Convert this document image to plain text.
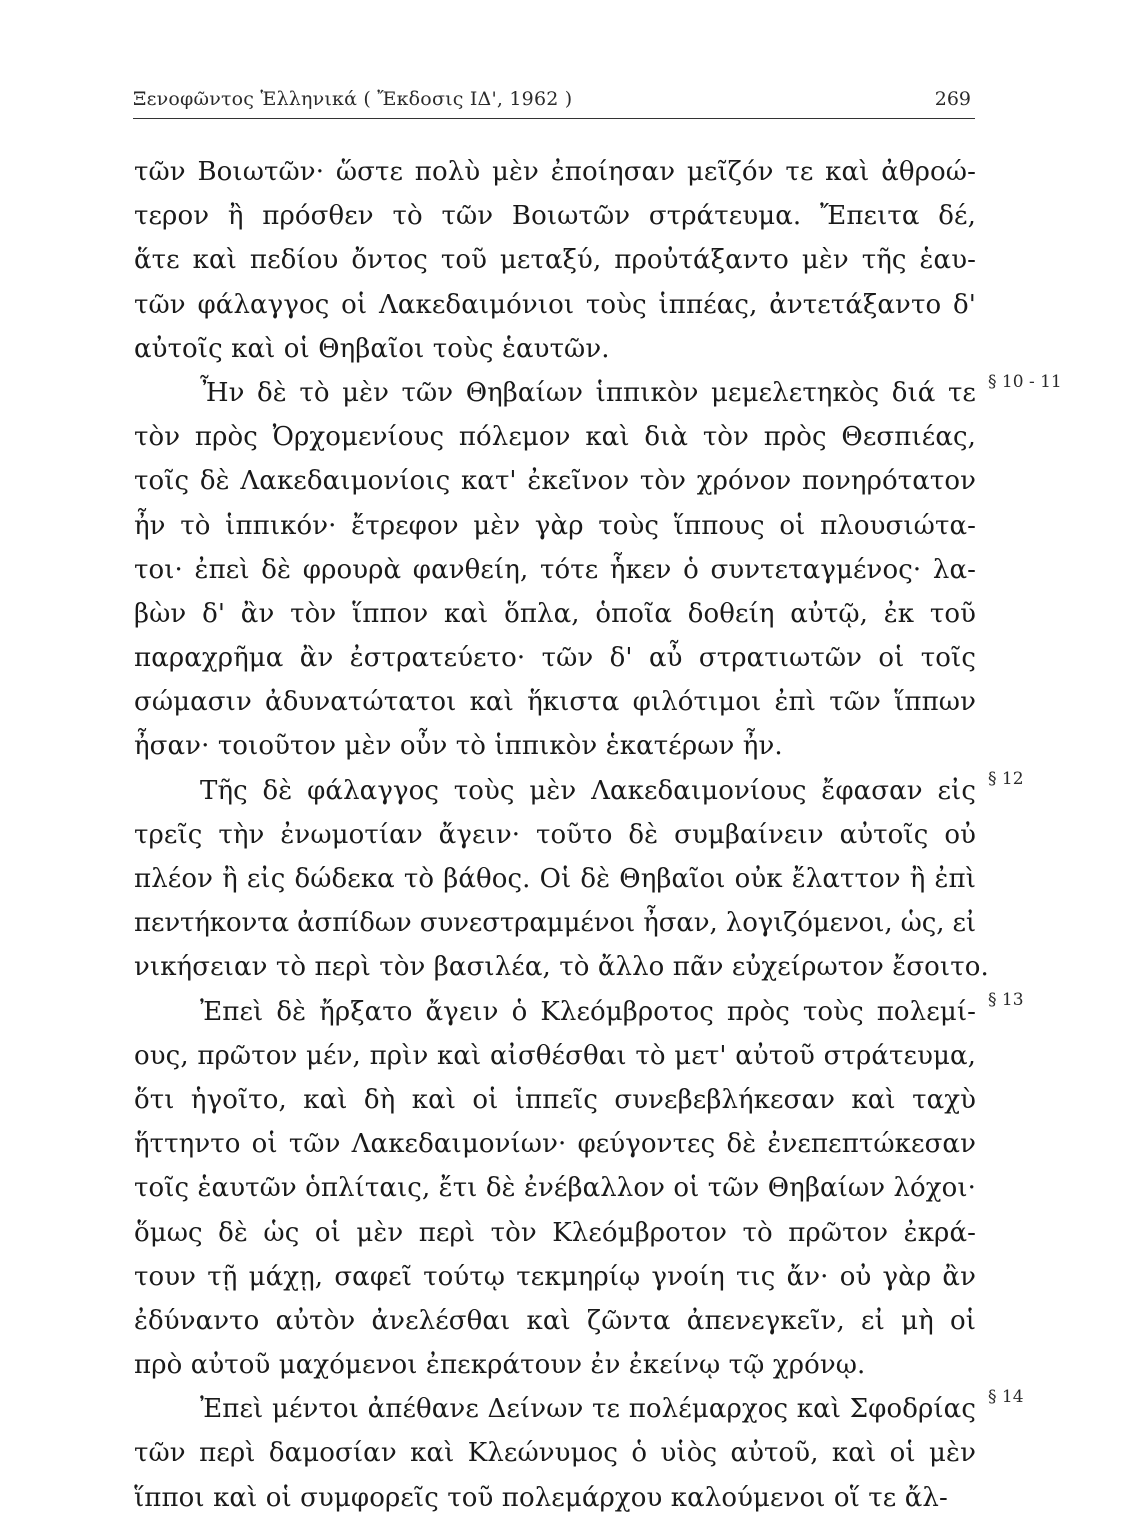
Ξενοφῶντος Ἑλληνικά ( Ἔκδοσις ΙΔ', 1962 )	269
τῶν Βοιωτῶν· ὥστε πολὺ μὲν ἐποίησαν μεῖζόν τε καὶ ἀθροώ-
τερον ἢ πρόσθεν τὸ τῶν Βοιωτῶν στράτευμα. Ἔπειτα δέ,
ἅτε καὶ πεδίου ὄντος τοῦ μεταξύ, προὐτάξαντο μὲν τῆς ἑαυ-
τῶν φάλαγγος οἱ Λακεδαιμόνιοι τοὺς ἱππέας, ἀντετάξαντο δ'
αὐτοῖς καὶ οἱ Θηβαῖοι τοὺς ἑαυτῶν.
Ἦν δὲ τὸ μὲν τῶν Θηβαίων ἱππικὸν μεμελετηκὸς διά τε
τὸν πρὸς Ὀρχομενίους πόλεμον καὶ διὰ τὸν πρὸς Θεσπιέας,
τοῖς δὲ Λακεδαιμονίοις κατ' ἐκεῖνον τὸν χρόνον πονηρότατον
ἦν τὸ ἱππικόν· ἔτρεφον μὲν γὰρ τοὺς ἵππους οἱ πλουσιώτα-
τοι· ἐπεὶ δὲ φρουρὰ φανθείη, τότε ἧκεν ὁ συντεταγμένος· λα-
βὼν δ' ἂν τὸν ἵππον καὶ ὅπλα, ὁποῖα δοθείη αὐτῷ, ἐκ τοῦ
παραχρῆμα ἂν ἐστρατεύετο· τῶν δ' αὖ στρατιωτῶν οἱ τοῖς
σώμασιν ἀδυνατώτατοι καὶ ἥκιστα φιλότιμοι ἐπὶ τῶν ἵππων
ἦσαν· τοιοῦτον μὲν οὖν τὸ ἱππικὸν ἑκατέρων ἦν.
Τῆς δὲ φάλαγγος τοὺς μὲν Λακεδαιμονίους ἔφασαν εἰς
τρεῖς τὴν ἐνωμοτίαν ἄγειν· τοῦτο δὲ συμβαίνειν αὐτοῖς οὐ
πλέον ἢ εἰς δώδεκα τὸ βάθος. Οἱ δὲ Θηβαῖοι οὐκ ἔλαττον ἢ ἐπὶ
πεντήκοντα ἀσπίδων συνεστραμμένοι ἦσαν, λογιζόμενοι, ὡς, εἰ
νικήσειαν τὸ περὶ τὸν βασιλέα, τὸ ἄλλο πᾶν εὐχείρωτον ἔσοιτο.
Ἐπεὶ δὲ ἤρξατο ἄγειν ὁ Κλεόμβροτος πρὸς τοὺς πολεμί-
ους, πρῶτον μέν, πρὶν καὶ αἰσθέσθαι τὸ μετ' αὐτοῦ στράτευμα,
ὅτι ἡγοῖτο, καὶ δὴ καὶ οἱ ἱππεῖς συνεβεβλήκεσαν καὶ ταχὺ
ἥττηντο οἱ τῶν Λακεδαιμονίων· φεύγοντες δὲ ἐνεπεπτώκεσαν
τοῖς ἑαυτῶν ὁπλίταις, ἔτι δὲ ἐνέβαλλον οἱ τῶν Θηβαίων λόχοι·
ὅμως δὲ ὡς οἱ μὲν περὶ τὸν Κλεόμβροτον τὸ πρῶτον ἐκρά-
τουν τῇ μάχῃ, σαφεῖ τούτῳ τεκμηρίῳ γνοίη τις ἄν· οὐ γὰρ ἂν
ἐδύναντο αὐτὸν ἀνελέσθαι καὶ ζῶντα ἀπενεγκεῖν, εἰ μὴ οἱ
πρὸ αὐτοῦ μαχόμενοι ἐπεκράτουν ἐν ἐκείνῳ τῷ χρόνῳ.
Ἐπεὶ μέντοι ἀπέθανε Δείνων τε πολέμαρχος καὶ Σφοδρίας
τῶν περὶ δαμοσίαν καὶ Κλεώνυμος ὁ υἱὸς αὐτοῦ, καὶ οἱ μὲν
ἵπποι καὶ οἱ συμφορεῖς τοῦ πολεμάρχου καλούμενοι οἵ τε ἄλ-
§ 10 - 11
§ 12
§ 13
§ 14
